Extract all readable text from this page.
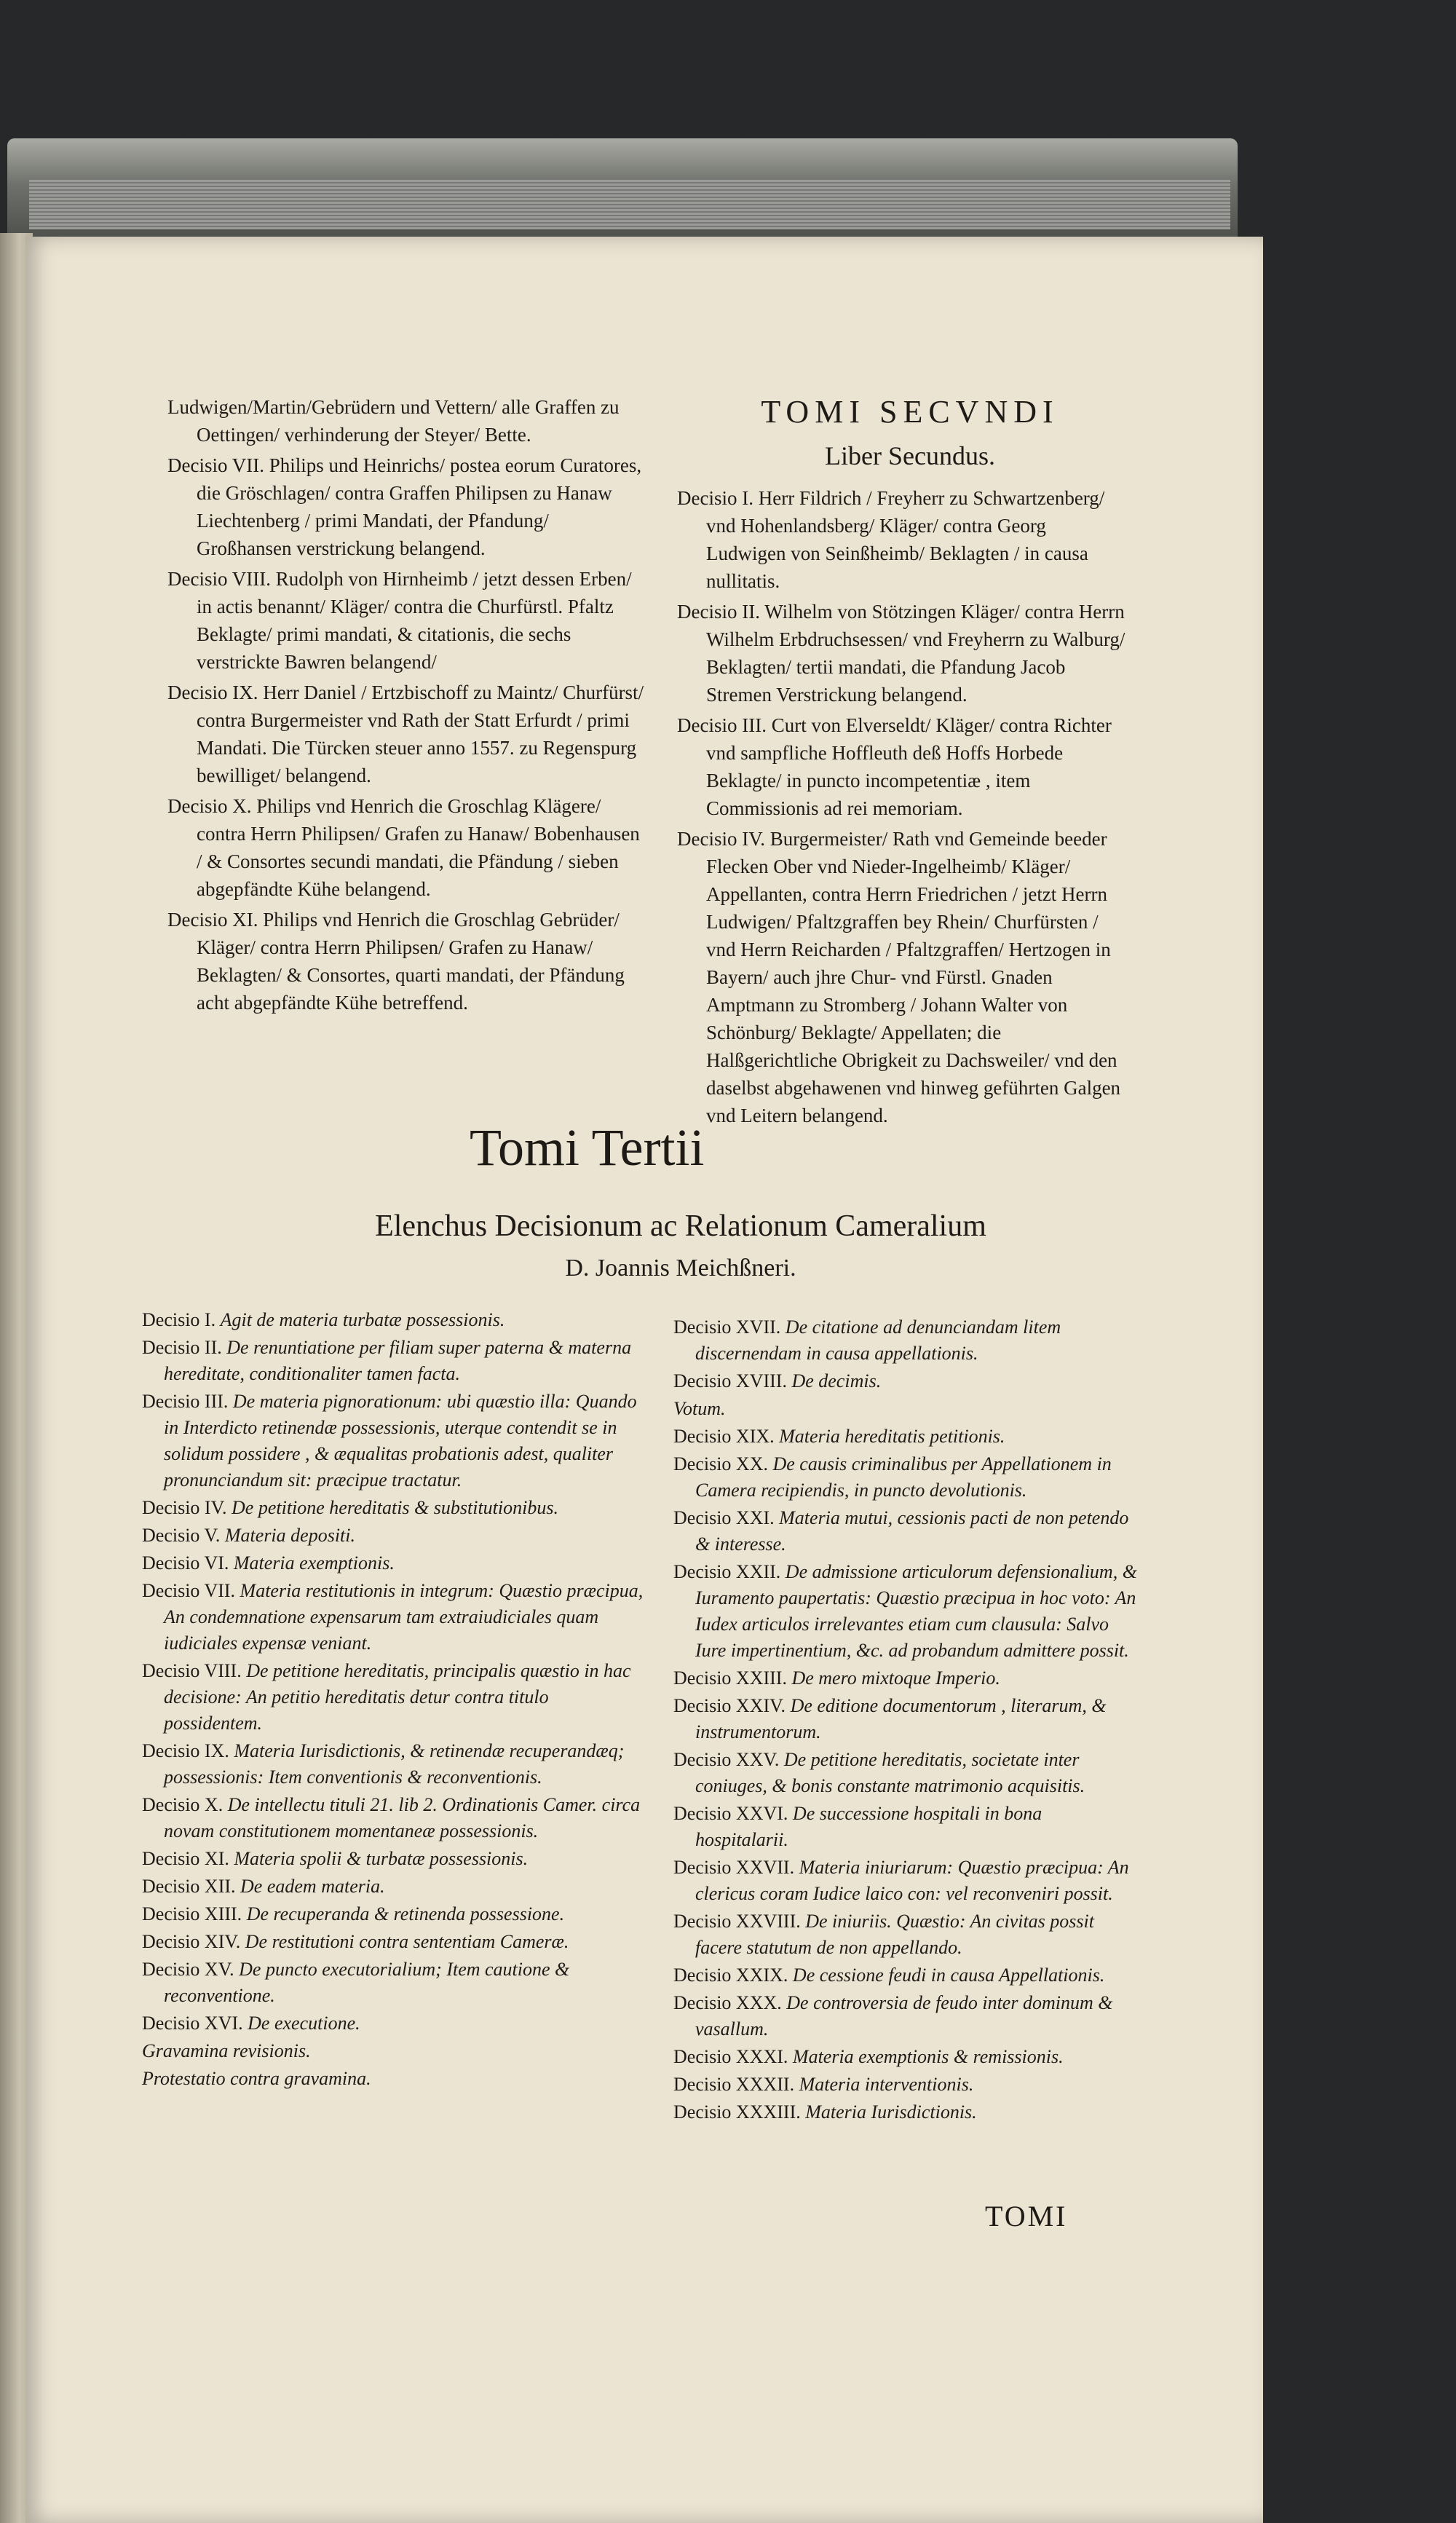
Ludwigen/Martin/Gebrüdern und Vettern/ alle Graffen zu Oettingen/ verhinderung der Steyer/ Bette.

Decisio VII. Philips und Heinrichs/ postea eorum Curatores, die Gröschlagen/ contra Graffen Philipsen zu Hanaw Liechtenberg / primi Mandati, der Pfandung/ Großhansen verstrickung belangend.

Decisio VIII. Rudolph von Hirnheimb / jetzt dessen Erben/ in actis benannt/ Kläger/ contra die Churfürstl. Pfaltz Beklagte/ primi mandati, & citationis, die sechs verstrickte Bawren belangend/

Decisio IX. Herr Daniel / Ertzbischoff zu Maintz/ Churfürst/ contra Burgermeister vnd Rath der Statt Erfurdt / primi Mandati. Die Türcken steuer anno 1557. zu Regenspurg bewilliget/ belangend.

Decisio X. Philips vnd Henrich die Groschlag Klägere/ contra Herrn Philipsen/ Grafen zu Hanaw/ Bobenhausen / & Consortes secundi mandati, die Pfändung / sieben abgepfändte Kühe belangend.

Decisio XI. Philips vnd Henrich die Groschlag Gebrüder/ Kläger/ contra Herrn Philipsen/ Grafen zu Hanaw/ Beklagten/ & Consortes, quarti mandati, der Pfändung acht abgepfändte Kühe betreffend.

TOMI SECVNDI
Liber Secundus.

Decisio I. Herr Fildrich / Freyherr zu Schwartzenberg/ vnd Hohenlandsberg/ Kläger/ contra Georg Ludwigen von Seinßheimb/ Beklagten / in causa nullitatis.

Decisio II. Wilhelm von Stötzingen Kläger/ contra Herrn Wilhelm Erbdruchsessen/ vnd Freyherrn zu Walburg/ Beklagten/ tertii mandati, die Pfandung Jacob Stremen Verstrickung belangend.

Decisio III. Curt von Elverseldt/ Kläger/ contra Richter vnd sampfliche Hoffleuth deß Hoffs Horbede Beklagte/ in puncto incompetentiæ , item Commissionis ad rei memoriam.

Decisio IV. Burgermeister/ Rath vnd Gemeinde beeder Flecken Ober vnd Nieder-Ingelheimb/ Kläger/ Appellanten, contra Herrn Friedrichen / jetzt Herrn Ludwigen/ Pfaltzgraffen bey Rhein/ Churfürsten / vnd Herrn Reicharden / Pfaltzgraffen/ Hertzogen in Bayern/ auch jhre Chur- vnd Fürstl. Gnaden Amptmann zu Stromberg / Johann Walter von Schönburg/ Beklagte/ Appellaten; die Halßgerichtliche Obrigkeit zu Dachsweiler/ vnd den daselbst abgehawenen vnd hinweg geführten Galgen vnd Leitern belangend.

Tomi Tertii
Elenchus Decisionum ac Relationum Cameralium
D. Joannis Meichßneri.

Decisio I. Agit de materia turbatæ possessionis.

Decisio II. De renuntiatione per filiam super paterna & materna hereditate, conditionaliter tamen facta.

Decisio III. De materia pignorationum: ubi quæstio illa: Quando in Interdicto retinendæ possessionis, uterque contendit se in solidum possidere , & æqualitas probationis adest, qualiter pronunciandum sit: præcipue tractatur.

Decisio IV. De petitione hereditatis & substitutionibus.

Decisio V. Materia depositi.

Decisio VI. Materia exemptionis.

Decisio VII. Materia restitutionis in integrum: Quæstio præcipua, An condemnatione expensarum tam extraiudiciales quam iudiciales expensæ veniant.

Decisio VIII. De petitione hereditatis, principalis quæstio in hac decisione: An petitio hereditatis detur contra titulo possidentem.

Decisio IX. Materia Iurisdictionis, & retinendæ recuperandæq; possessionis: Item conventionis & reconventionis.

Decisio X. De intellectu tituli 21. lib 2. Ordinationis Camer. circa novam constitutionem momentaneæ possessionis.

Decisio XI. Materia spolii & turbatæ possessionis.

Decisio XII. De eadem materia.

Decisio XIII. De recuperanda & retinenda possessione.

Decisio XIV. De restitutioni contra sententiam Cameræ.

Decisio XV. De puncto executorialium; Item cautione & reconventione.

Decisio XVI. De executione.

Gravamina revisionis.

Protestatio contra gravamina.

Decisio XVII. De citatione ad denunciandam litem discernendam in causa appellationis.

Decisio XVIII. De decimis.

Votum.

Decisio XIX. Materia hereditatis petitionis.

Decisio XX. De causis criminalibus per Appellationem in Camera recipiendis, in puncto devolutionis.

Decisio XXI. Materia mutui, cessionis pacti de non petendo & interesse.

Decisio XXII. De admissione articulorum defensionalium, & Iuramento paupertatis: Quæstio præcipua in hoc voto: An Iudex articulos irrelevantes etiam cum clausula: Salvo Iure impertinentium, &c. ad probandum admittere possit.

Decisio XXIII. De mero mixtoque Imperio.

Decisio XXIV. De editione documentorum , literarum, & instrumentorum.

Decisio XXV. De petitione hereditatis, societate inter coniuges, & bonis constante matrimonio acquisitis.

Decisio XXVI. De successione hospitali in bona hospitalarii.

Decisio XXVII. Materia iniuriarum: Quæstio præcipua: An clericus coram Iudice laico con: vel reconveniri possit.

Decisio XXVIII. De iniuriis. Quæstio: An civitas possit facere statutum de non appellando.

Decisio XXIX. De cessione feudi in causa Appellationis.

Decisio XXX. De controversia de feudo inter dominum & vasallum.

Decisio XXXI. Materia exemptionis & remissionis.

Decisio XXXII. Materia interventionis.

Decisio XXXIII. Materia Iurisdictionis.

TOMI
